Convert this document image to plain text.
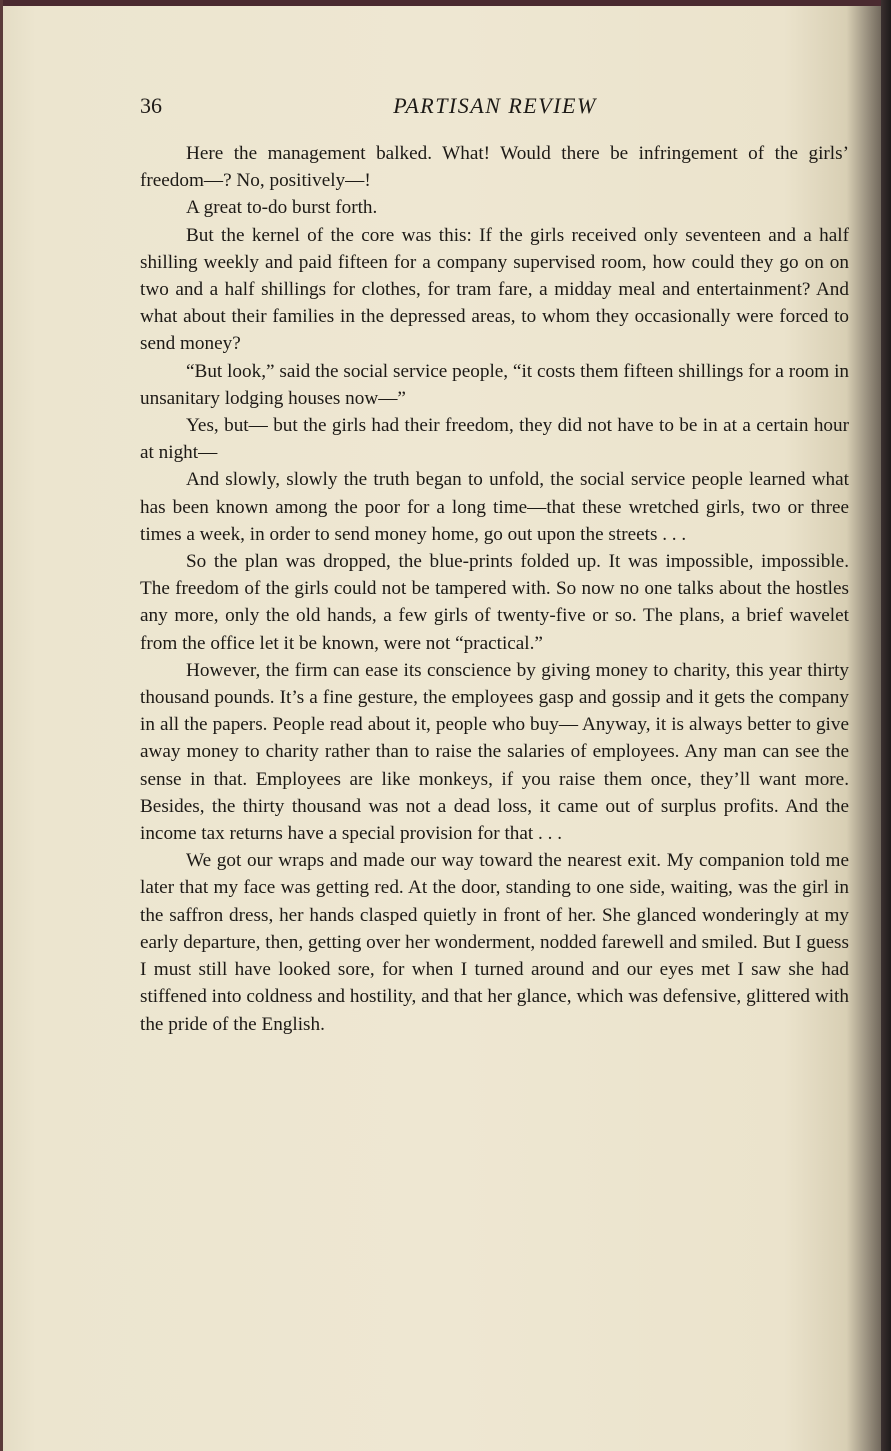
36	PARTISAN REVIEW

Here the management balked. What! Would there be infringement of the girls’ freedom—? No, positively—!

A great to-do burst forth.

But the kernel of the core was this: If the girls received only seventeen and a half shilling weekly and paid fifteen for a company supervised room, how could they go on on two and a half shillings for clothes, for tram fare, a midday meal and entertainment? And what about their families in the depressed areas, to whom they occasionally were forced to send money?

“But look,” said the social service people, “it costs them fifteen shillings for a room in unsanitary lodging houses now—”

Yes, but— but the girls had their freedom, they did not have to be in at a certain hour at night—

And slowly, slowly the truth began to unfold, the social service people learned what has been known among the poor for a long time—that these wretched girls, two or three times a week, in order to send money home, go out upon the streets . . .

So the plan was dropped, the blue-prints folded up. It was impossible, impossible. The freedom of the girls could not be tampered with. So now no one talks about the hostles any more, only the old hands, a few girls of twenty-five or so. The plans, a brief wavelet from the office let it be known, were not “practical.”

However, the firm can ease its conscience by giving money to charity, this year thirty thousand pounds. It’s a fine gesture, the employees gasp and gossip and it gets the company in all the papers. People read about it, people who buy— Anyway, it is always better to give away money to charity rather than to raise the salaries of employees. Any man can see the sense in that. Employees are like monkeys, if you raise them once, they’ll want more. Besides, the thirty thousand was not a dead loss, it came out of surplus profits. And the income tax returns have a special provision for that . . .

We got our wraps and made our way toward the nearest exit. My companion told me later that my face was getting red. At the door, standing to one side, waiting, was the girl in the saffron dress, her hands clasped quietly in front of her. She glanced wonderingly at my early departure, then, getting over her wonderment, nodded farewell and smiled. But I guess I must still have looked sore, for when I turned around and our eyes met I saw she had stiffened into coldness and hostility, and that her glance, which was defensive, glittered with the pride of the English.
